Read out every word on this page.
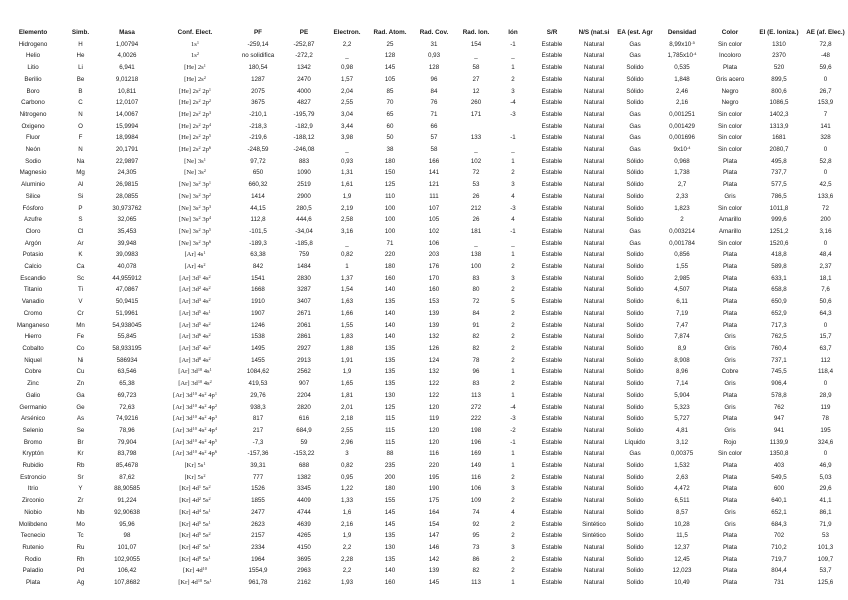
Elemento	Simb.	Masa	Conf. Elect.	PF	PE	Electron.	Rad. Atom.	Rad. Cov.	Rad. Ion.	Ión	S/R	N/S (nat.si	EA (est. Agr	Densidad	Color	EI (E. Ioniza.)	AE (af. Elec.)
Hidrogeno	H	1,00794	$1s^1$	-259,14	-252,87	2,2	25	31	154	-1	Estable	Natural	Gas	$8,99x10^{-5}$	Sin color	1310	72,8
Helio	He	4,0026	$1s^2$	no solidifica	-272,2	_	128	0,93	_	_	Estable	Natural	Gas	$1,785x10^{-4}$	Incoloro	2370	-48
Litio	Li	6,941	[He] $2s^1$	180,54	1342	0,98	145	128	58	1	Estable	Natural	Solido	0,535	Plata	520	59,6
Berilio	Be	9,01218	[He] $2s^2$	1287	2470	1,57	105	96	27	2	Estable	Natural	Sólido	1,848	Gris acero	899,5	0
Boro	B	10,811	[He] $2s^2$ $2p^1$	2075	4000	2,04	85	84	12	3	Estable	Natural	Sólido	2,46	Negro	800,6	26,7
Carbono	C	12,0107	[He] $2s^2$ $2p^2$	3675	4827	2,55	70	76	260	-4	Estable	Natural	Solido	2,16	Negro	1086,5	153,9
Nitrogeno	N	14,0067	[He] $2s^2$ $2p^3$	-210,1	-195,79	3,04	65	71	171	-3	Estable	Natural	Gas	0,001251	Sin color	1402,3	7
Oxigeno	O	15,9994	[He] $2s^2$ $2p^4$	-218,3	-182,9	3,44	60	66			Estable	Natural	Gas	0,001429	Sin color	1313,9	141
Fluor	F	18,9984	[He] $2s^2$ $2p^5$	-219,6	-188,12	3,98	50	57	133	-1	Estable	Natural	Gas	0,001696	Sin color	1681	328
Neón	N	20,1791	[He] $2s^2$ $2p^6$	-248,59	-246,08	_	38	58	_	_	Estable	Natural	Gas	$9x10^{-4}$	Sin color	2080,7	0
Sodio	Na	22,9897	[Ne] $3s^1$	97,72	883	0,93	180	166	102	1	Estable	Natural	Sólido	0,968	Plata	495,8	52,8
Magnesio	Mg	24,305	[Ne] $3s^2$	650	1090	1,31	150	141	72	2	Estable	Natural	Sólido	1,738	Plata	737,7	0
Aluminio	Al	26,9815	[Ne] $3s^2$ $3p^1$	660,32	2519	1,61	125	121	53	3	Estable	Natural	Sólido	2,7	Plata	577,5	42,5
Silice	Si	28,0855	[Ne] $3s^2$ $3p^2$	1414	2900	1,9	110	111	26	4	Estable	Natural	Solido	2,33	Gris	786,5	133,6
Fósforo	P	30,973762	[Ne] $3s^2$ $3p^3$	44,15	280,5	2,19	100	107	212	-3	Estable	Natural	Solido	1,823	Sin color	1011,8	72
Azufre	S	32,065	[Ne] $3s^2$ $3p^4$	112,8	444,6	2,58	100	105	26	4	Estable	Natural	Solido	2	Amarillo	999,6	200
Cloro	Cl	35,453	[Ne] $3s^2$ $3p^5$	-101,5	-34,04	3,16	100	102	181	-1	Estable	Natural	Gas	0,003214	Amarillo	1251,2	3,16
Argón	Ar	39,948	[Ne] $3s^2$ $3p^6$	-189,3	-185,8	_	71	106	_	_	Estable	Natural	Gas	0,001784	Sin color	1520,6	0
Potasio	K	39,0983	[Ar] $4s^1$	63,38	759	0,82	220	203	138	1	Estable	Natural	Solido	0,856	Plata	418,8	48,4
Calcio	Ca	40,078	[Ar] $4s^2$	842	1484	1	180	176	100	2	Estable	Natural	Solido	1,55	Plata	589,8	2,37
Escandio	Sc	44,955912	[Ar] $3d^1$ $4s^2$	1541	2830	1,37	160	170	83	3	Estable	Natural	Solido	2,985	Plata	633,1	18,1
Titanio	Ti	47,0867	[Ar] $3d^2$ $4s^2$	1668	3287	1,54	140	160	80	2	Estable	Natural	Solido	4,507	Plata	658,8	7,6
Vanadio	V	50,9415	[Ar] $3d^3$ $4s^2$	1910	3407	1,63	135	153	72	5	Estable	Natural	Solido	6,11	Plata	650,9	50,6
Cromo	Cr	51,9961	[Ar] $3d^5$ $4s^1$	1907	2671	1,66	140	139	84	2	Estable	Natural	Solido	7,19	Plata	652,9	64,3
Manganeso	Mn	54,938045	[Ar] $3d^5$ $4s^2$	1246	2061	1,55	140	139	91	2	Estable	Natural	Solido	7,47	Plata	717,3	0
Hierro	Fe	55,845	[Ar] $3d^6$ $4s^2$	1538	2861	1,83	140	132	82	2	Estable	Natural	Solido	7,874	Gris	762,5	15,7
Cobalto	Co	58,933195	[Ar] $3d^7$ $4s^2$	1495	2927	1,88	135	126	82	2	Estable	Natural	Solido	8,9	Gris	760,4	63,7
Niquel	Ni	586934	[Ar] $3d^8$ $4s^2$	1455	2913	1,91	135	124	78	2	Estable	Natural	Solido	8,908	Gris	737,1	112
Cobre	Cu	63,546	[Ar] $3d^{10}$ $4s^1$	1084,62	2562	1,9	135	132	96	1	Estable	Natural	Solido	8,96	Cobre	745,5	118,4
Zinc	Zn	65,38	[Ar] $3d^{10}$ $4s^2$	419,53	907	1,65	135	122	83	2	Estable	Natural	Solido	7,14	Gris	906,4	0
Galio	Ga	69,723	[Ar] $3d^{10}$ $4s^2$ $4p^1$	29,76	2204	1,81	130	122	113	1	Estable	Natural	Solido	5,904	Plata	578,8	28,9
Germanio	Ge	72,63	[Ar] $3d^{10}$ $4s^2$ $4p^2$	938,3	2820	2,01	125	120	272	-4	Estable	Natural	Solido	5,323	Gris	762	119
Arsénico	As	74,9216	[Ar] $3d^{10}$ $4s^2$ $4p^3$	817	616	2,18	115	119	222	-3	Estable	Natural	Solido	5,727	Plata	947	78
Selenio	Se	78,96	[Ar] $3d^{10}$ $4s^2$ $4p^4$	217	684,9	2,55	115	120	198	-2	Estable	Natural	Solido	4,81	Gris	941	195
Bromo	Br	79,904	[Ar] $3d^{10}$ $4s^2$ $4p^5$	-7,3	59	2,96	115	120	196	-1	Estable	Natural	Líquido	3,12	Rojo	1139,9	324,6
Kryptón	Kr	83,798	[Ar] $3d^{10}$ $4s^2$ $4p^6$	-157,36	-153,22	3	88	116	169	1	Estable	Natural	Gas	0,00375	Sin color	1350,8	0
Rubidio	Rb	85,4678	[Kr] $5s^1$	39,31	688	0,82	235	220	149	1	Estable	Natural	Solido	1,532	Plata	403	46,9
Estroncio	Sr	87,62	[Kr] $5s^2$	777	1382	0,95	200	195	116	2	Estable	Natural	Solido	2,63	Plata	549,5	5,03
Itrio	Y	88,90585	[Kr] $4d^1$ $5s^2$	1526	3345	1,22	180	190	106	3	Estable	Natural	Solido	4,472	Plata	600	29,6
Zirconio	Zr	91,224	[Kr] $4d^2$ $5s^2$	1855	4409	1,33	155	175	109	2	Estable	Natural	Solido	6,511	Plata	640,1	41,1
Niobio	Nb	92,90638	[Kr] $4d^4$ $5s^1$	2477	4744	1,6	145	164	74	4	Estable	Natural	Solido	8,57	Gris	652,1	86,1
Molibdeno	Mo	95,96	[Kr] $4d^5$ $5s^1$	2623	4639	2,16	145	154	92	2	Estable	Sintético	Solido	10,28	Gris	684,3	71,9
Tecnecio	Tc	98	[Kr] $4d^5$ $5s^2$	2157	4265	1,9	135	147	95	2	Estable	Sintético	Solido	11,5	Plata	702	53
Rutenio	Ru	101,07	[Kr] $4d^7$ $5s^1$	2334	4150	2,2	130	146	73	3	Estable	Natural	Solido	12,37	Plata	710,2	101,3
Rodio	Rh	102,9055	[Kr] $4d^8$ $5s^1$	1964	3695	2,28	135	142	86	2	Estable	Natural	Solido	12,45	Plata	719,7	109,7
Paladio	Pd	106,42	[Kr] $4d^{10}$	1554,9	2963	2,2	140	139	82	2	Estable	Natural	Solido	12,023	Plata	804,4	53,7
Plata	Ag	107,8682	[Kr] $4d^{10}$ $5s^1$	961,78	2162	1,93	160	145	113	1	Estable	Natural	Solido	10,49	Plata	731	125,6
